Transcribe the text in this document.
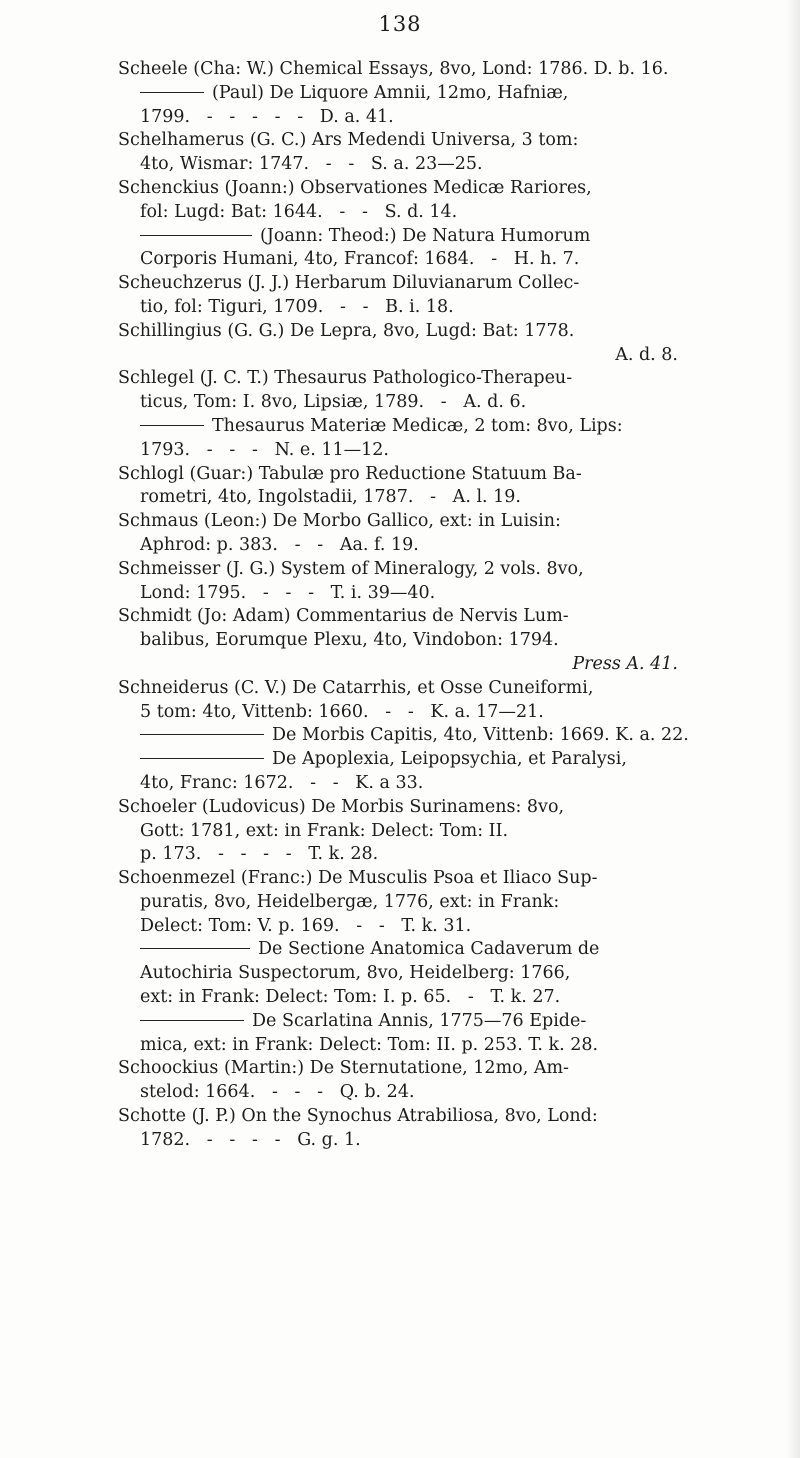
138
Scheele (Cha: W.) Chemical Essays, 8vo, Lond: 1786. D. b. 16.
(Paul) De Liquore Amnii, 12mo, Hafniæ,
1799.   -   -   -   -   -   D. a. 41.
Schelhamerus (G. C.) Ars Medendi Universa, 3 tom:
4to, Wismar: 1747.   -   -   S. a. 23—25.
Schenckius (Joann:) Observationes Medicæ Rariores,
fol: Lugd: Bat: 1644.   -   -   S. d. 14.
(Joann: Theod:) De Natura Humorum
Corporis Humani, 4to, Francof: 1684.   -   H. h. 7.
Scheuchzerus (J. J.) Herbarum Diluvianarum Collec-
tio, fol: Tiguri, 1709.   -   -   B. i. 18.
Schillingius (G. G.) De Lepra, 8vo, Lugd: Bat: 1778.
A. d. 8.
Schlegel (J. C. T.) Thesaurus Pathologico-Therapeu-
ticus, Tom: I. 8vo, Lipsiæ, 1789.   -   A. d. 6.
Thesaurus Materiæ Medicæ, 2 tom: 8vo, Lips:
1793.   -   -   -   N. e. 11—12.
Schlogl (Guar:) Tabulæ pro Reductione Statuum Ba-
rometri, 4to, Ingolstadii, 1787.   -   A. l. 19.
Schmaus (Leon:) De Morbo Gallico, ext: in Luisin:
Aphrod: p. 383.   -   -   Aa. f. 19.
Schmeisser (J. G.) System of Mineralogy, 2 vols. 8vo,
Lond: 1795.   -   -   -   T. i. 39—40.
Schmidt (Jo: Adam) Commentarius de Nervis Lum-
balibus, Eorumque Plexu, 4to, Vindobon: 1794.
Press A. 41.
Schneiderus (C. V.) De Catarrhis, et Osse Cuneiformi,
5 tom: 4to, Vittenb: 1660.   -   -   K. a. 17—21.
De Morbis Capitis, 4to, Vittenb: 1669. K. a. 22.
De Apoplexia, Leipopsychia, et Paralysi,
4to, Franc: 1672.   -   -   K. a 33.
Schoeler (Ludovicus) De Morbis Surinamens: 8vo,
Gott: 1781, ext: in Frank: Delect: Tom: II.
p. 173.   -   -   -   -   T. k. 28.
Schoenmezel (Franc:) De Musculis Psoa et Iliaco Sup-
puratis, 8vo, Heidelbergæ, 1776, ext: in Frank:
Delect: Tom: V. p. 169.   -   -   T. k. 31.
De Sectione Anatomica Cadaverum de
Autochiria Suspectorum, 8vo, Heidelberg: 1766,
ext: in Frank: Delect: Tom: I. p. 65.   -   T. k. 27.
De Scarlatina Annis, 1775—76 Epide-
mica, ext: in Frank: Delect: Tom: II. p. 253. T. k. 28.
Schoockius (Martin:) De Sternutatione, 12mo, Am-
stelod: 1664.   -   -   -   Q. b. 24.
Schotte (J. P.) On the Synochus Atrabiliosa, 8vo, Lond:
1782.   -   -   -   -   G. g. 1.
